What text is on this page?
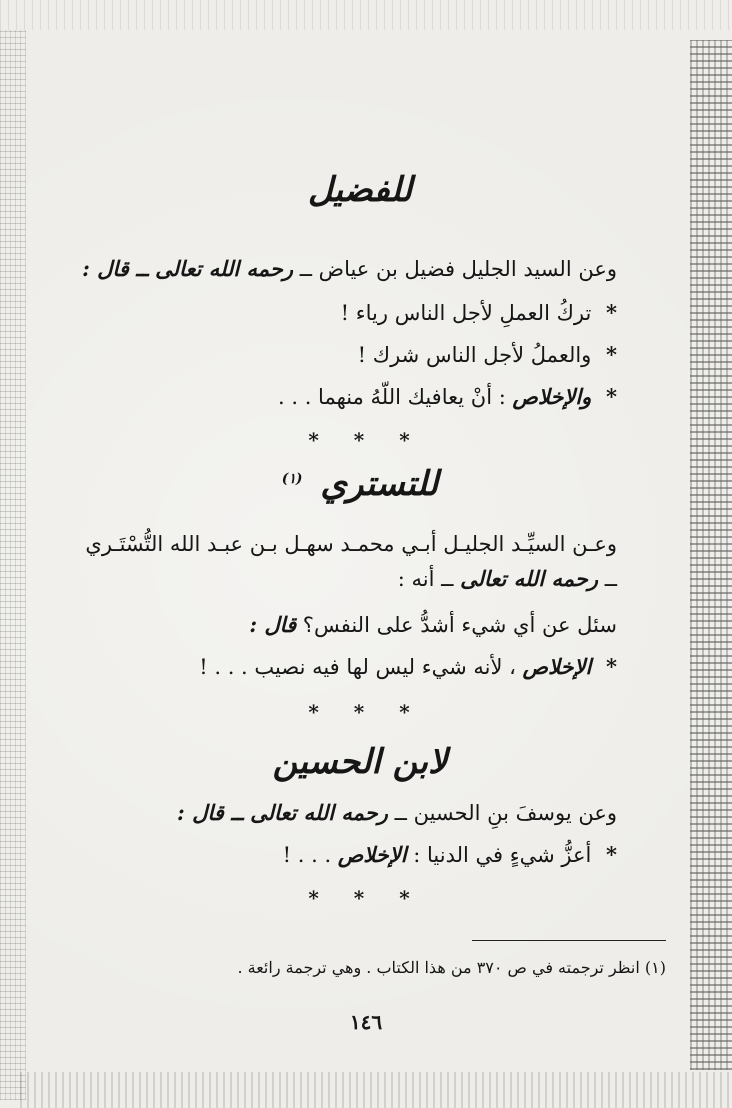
للفضيل
وعن السيد الجليل فضيل بن عياض ــ رحمه الله تعالى ــ قال :
* تركُ العملِ لأجل الناس رياء !
* والعملُ لأجل الناس شرك !
* والإخلاص : أنْ يعافيك اللّهُ منهما . . .
* * *
للتستري $^{(١)}$
وعـن السيِّـد الجليـل أبـي محمـد سهـل بـن عبـد الله التُّسْتَـري
ــ رحمه الله تعالى ــ أنه :
سئل عن أي شيء أشدُّ على النفس؟ قال :
* الإخلاص ، لأنه شيء ليس لها فيه نصيب . . . !
* * *
لابن الحسين
وعن يوسفَ بنِ الحسين ــ رحمه الله تعالى ــ قال :
* أعزُّ شيءٍ في الدنيا : الإخلاص . . . !
* * *
(١) انظر ترجمته في ص ٣٧٠ من هذا الكتاب . وهي ترجمة رائعة .
١٤٦
